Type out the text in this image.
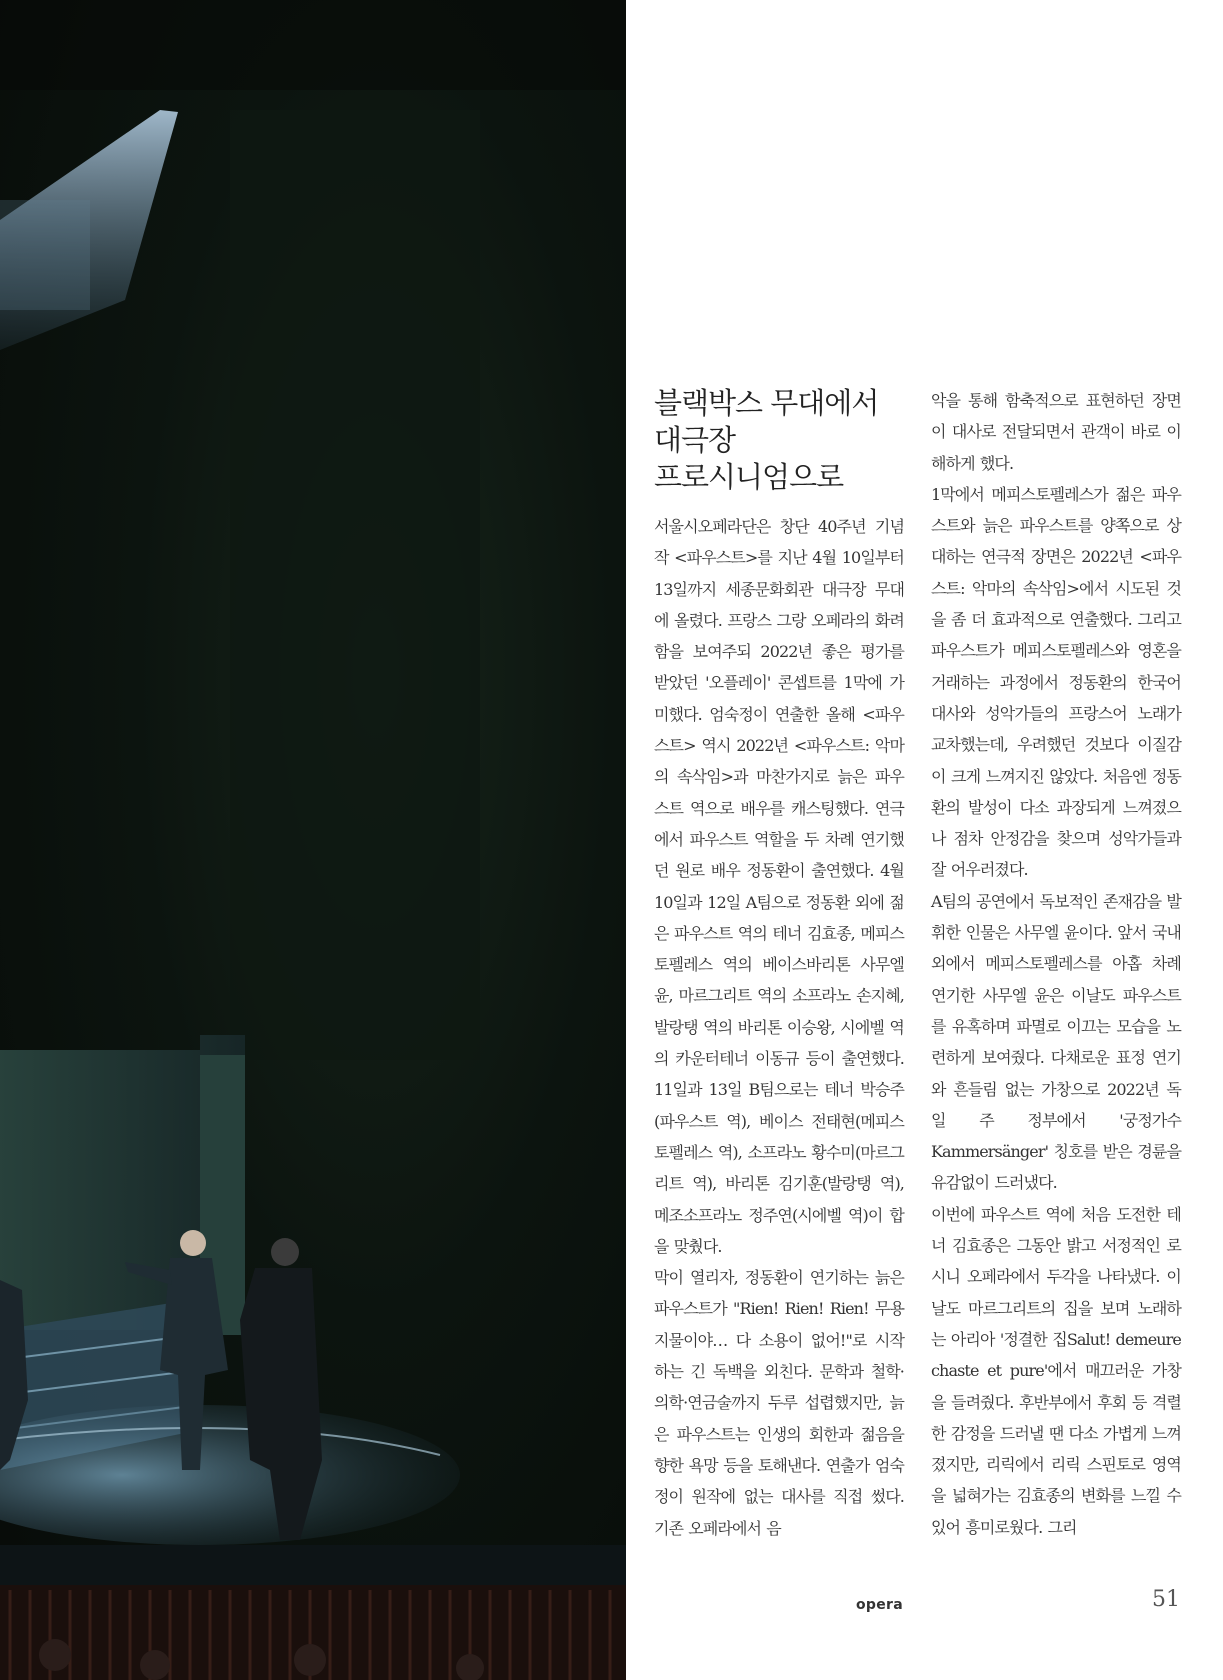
블랙박스 무대에서
대극장
프로시니엄으로

서울시오페라단은 창단 40주년 기념작 <파우스트>를 지난 4월 10일부터 13일까지 세종문화회관 대극장 무대에 올렸다. 프랑스 그랑 오페라의 화려함을 보여주되 2022년 좋은 평가를 받았던 '오플레이' 콘셉트를 1막에 가미했다. 엄숙정이 연출한 올해 <파우스트> 역시 2022년 <파우스트: 악마의 속삭임>과 마찬가지로 늙은 파우스트 역으로 배우를 캐스팅했다. 연극에서 파우스트 역할을 두 차례 연기했던 원로 배우 정동환이 출연했다. 4월 10일과 12일 A팀으로 정동환 외에 젊은 파우스트 역의 테너 김효종, 메피스토펠레스 역의 베이스바리톤 사무엘 윤, 마르그리트 역의 소프라노 손지혜, 발랑탱 역의 바리톤 이승왕, 시에벨 역의 카운터테너 이동규 등이 출연했다. 11일과 13일 B팀으로는 테너 박승주(파우스트 역), 베이스 전태현(메피스토펠레스 역), 소프라노 황수미(마르그리트 역), 바리톤 김기훈(발랑탱 역), 메조소프라노 정주연(시에벨 역)이 합을 맞췄다.

막이 열리자, 정동환이 연기하는 늙은 파우스트가 "Rien! Rien! Rien! 무용지물이야… 다 소용이 없어!"로 시작하는 긴 독백을 외친다. 문학과 철학·의학·연금술까지 두루 섭렵했지만, 늙은 파우스트는 인생의 회한과 젊음을 향한 욕망 등을 토해낸다. 연출가 엄숙정이 원작에 없는 대사를 직접 썼다. 기존 오페라에서 음

악을 통해 함축적으로 표현하던 장면이 대사로 전달되면서 관객이 바로 이해하게 했다.

1막에서 메피스토펠레스가 젊은 파우스트와 늙은 파우스트를 양쪽으로 상대하는 연극적 장면은 2022년 <파우스트: 악마의 속삭임>에서 시도된 것을 좀 더 효과적으로 연출했다. 그리고 파우스트가 메피스토펠레스와 영혼을 거래하는 과정에서 정동환의 한국어 대사와 성악가들의 프랑스어 노래가 교차했는데, 우려했던 것보다 이질감이 크게 느껴지진 않았다. 처음엔 정동환의 발성이 다소 과장되게 느껴졌으나 점차 안정감을 찾으며 성악가들과 잘 어우러졌다.

A팀의 공연에서 독보적인 존재감을 발휘한 인물은 사무엘 윤이다. 앞서 국내외에서 메피스토펠레스를 아홉 차례 연기한 사무엘 윤은 이날도 파우스트를 유혹하며 파멸로 이끄는 모습을 노련하게 보여줬다. 다채로운 표정 연기와 흔들림 없는 가창으로 2022년 독일 주 정부에서 '궁정가수Kammersänger' 칭호를 받은 경륜을 유감없이 드러냈다.

이번에 파우스트 역에 처음 도전한 테너 김효종은 그동안 밝고 서정적인 로시니 오페라에서 두각을 나타냈다. 이날도 마르그리트의 집을 보며 노래하는 아리아 '정결한 집Salut! demeure chaste et pure'에서 매끄러운 가창을 들려줬다. 후반부에서 후회 등 격렬한 감정을 드러낼 땐 다소 가볍게 느껴졌지만, 리릭에서 리릭 스핀토로 영역을 넓혀가는 김효종의 변화를 느낄 수 있어 흥미로웠다. 그리

opera	51
